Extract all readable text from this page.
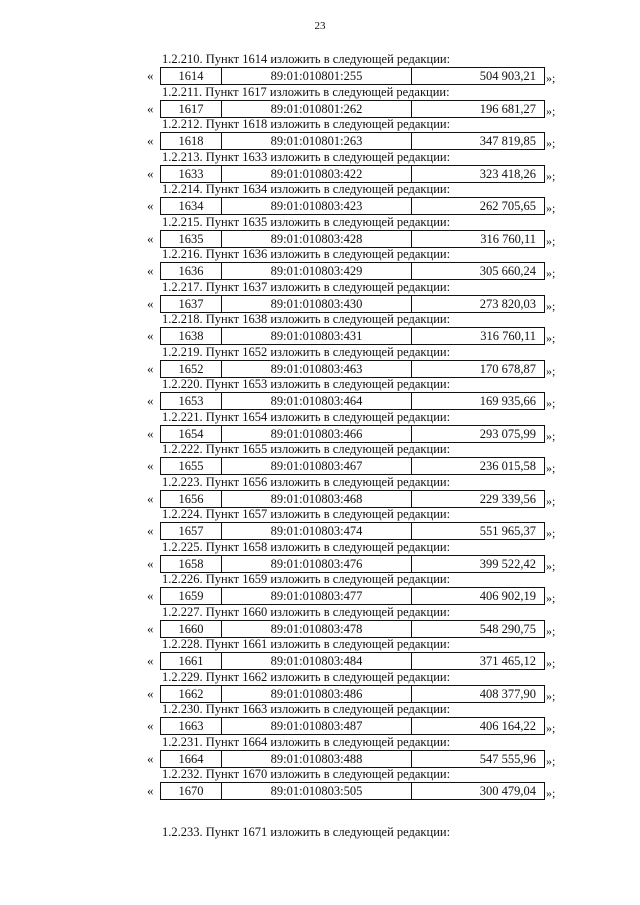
23
1.2.210. Пункт 1614 изложить в следующей редакции:
«	1614	89:01:010801:255	504 903,21 »;
1.2.211. Пункт 1617 изложить в следующей редакции:
«	1617	89:01:010801:262	196 681,27 »;
1.2.212. Пункт 1618 изложить в следующей редакции:
«	1618	89:01:010801:263	347 819,85 »;
1.2.213. Пункт 1633 изложить в следующей редакции:
«	1633	89:01:010803:422	323 418,26 »;
1.2.214. Пункт 1634 изложить в следующей редакции:
«	1634	89:01:010803:423	262 705,65 »;
1.2.215. Пункт 1635 изложить в следующей редакции:
«	1635	89:01:010803:428	316 760,11 »;
1.2.216. Пункт 1636 изложить в следующей редакции:
«	1636	89:01:010803:429	305 660,24 »;
1.2.217. Пункт 1637 изложить в следующей редакции:
«	1637	89:01:010803:430	273 820,03 »;
1.2.218. Пункт 1638 изложить в следующей редакции:
«	1638	89:01:010803:431	316 760,11 »;
1.2.219. Пункт 1652 изложить в следующей редакции:
«	1652	89:01:010803:463	170 678,87 »;
1.2.220. Пункт 1653 изложить в следующей редакции:
«	1653	89:01:010803:464	169 935,66 »;
1.2.221. Пункт 1654 изложить в следующей редакции:
«	1654	89:01:010803:466	293 075,99 »;
1.2.222. Пункт 1655 изложить в следующей редакции:
«	1655	89:01:010803:467	236 015,58 »;
1.2.223. Пункт 1656 изложить в следующей редакции:
«	1656	89:01:010803:468	229 339,56 »;
1.2.224. Пункт 1657 изложить в следующей редакции:
«	1657	89:01:010803:474	551 965,37 »;
1.2.225. Пункт 1658 изложить в следующей редакции:
«	1658	89:01:010803:476	399 522,42 »;
1.2.226. Пункт 1659 изложить в следующей редакции:
«	1659	89:01:010803:477	406 902,19 »;
1.2.227. Пункт 1660 изложить в следующей редакции:
«	1660	89:01:010803:478	548 290,75 »;
1.2.228. Пункт 1661 изложить в следующей редакции:
«	1661	89:01:010803:484	371 465,12 »;
1.2.229. Пункт 1662 изложить в следующей редакции:
«	1662	89:01:010803:486	408 377,90 »;
1.2.230. Пункт 1663 изложить в следующей редакции:
«	1663	89:01:010803:487	406 164,22 »;
1.2.231. Пункт 1664 изложить в следующей редакции:
«	1664	89:01:010803:488	547 555,96 »;
1.2.232. Пункт 1670 изложить в следующей редакции:
«	1670	89:01:010803:505	300 479,04 »;
1.2.233. Пункт 1671 изложить в следующей редакции:
